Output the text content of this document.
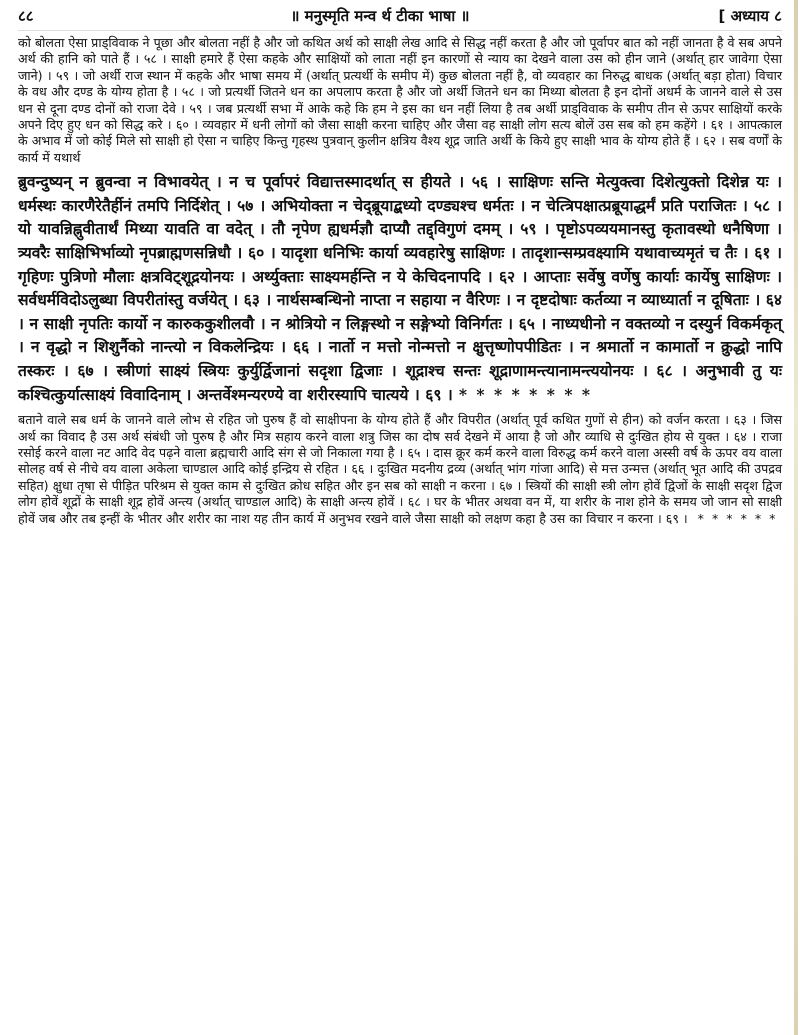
८८	॥ मनुस्मृति मन्व र्थ टीका भाषा ॥	[ अध्याय ८

को बोलता ऐसा प्राड्विवाक ने पूछा और बोलता नहीं है और जो कथित अर्थ को साक्षी लेख आदि से सिद्ध नहीं करता है और जो पूर्वापर बात को नहीं जानता है वे सब अपने अर्थ की हानि को पाते हैं । ५८ । साक्षी हमारे हैं ऐसा कहके और साक्षियों को लाता नहीं इन कारणों से न्याय का देखने वाला उस को हीन जाने (अर्थात् हार जावेगा ऐसा जाने) । ५९ । जो अर्थी राज स्थान में कहके और भाषा समय में (अर्थात् प्रत्यर्थी के समीप में) कुछ बोलता नहीं है, वो व्यवहार का निरुद्ध बाधक (अर्थात् बड़ा होता) विचार के वध और दण्ड के योग्य होता है । ५८ । जो प्रत्यर्थी जितने धन का अपलाप करता है और जो अर्थी जितने धन का मिथ्या बोलता है इन दोनों अधर्म के जानने वाले से उस धन से दूना दण्ड दोनों को राजा देवे । ५९ । जब प्रत्यर्थी सभा में आके कहे कि हम ने इस का धन नहीं लिया है तब अर्थी प्राड्विवाक के समीप तीन से ऊपर साक्षियों करके अपने दिए हुए धन को सिद्ध करे । ६० । व्यवहार में धनी लोगों को जैसा साक्षी करना चाहिए और जैसा वह साक्षी लोग सत्य बोलें उस सब को हम कहेंगे । ६१ । आपत्काल के अभाव में जो कोई मिले सो साक्षी हो ऐसा न चाहिए किन्तु गृहस्थ पुत्रवान् कुलीन क्षत्रिय वैश्य शूद्र जाति अर्थी के किये हुए साक्षी भाव के योग्य होते हैं । ६२ । सब वर्णों के कार्य में यथार्थ

ब्रुवन्दुष्यन् न ब्रुवन्वा न विभावयेत् । न च पूर्वापरं विद्यात्तस्मादर्थात् स हीयते । ५६ । साक्षिणः सन्ति मेत्युक्त्वा दिशेत्युक्तो दिशेन्न यः । धर्मस्थः कारणैरेतैर्हीनं तमपि निर्दिशेत् । ५७ । अभियोक्ता न चेद्ब्रूयाद्बध्यो दण्ड्यश्च धर्मतः । न चेत्त्रिपक्षात्प्रब्रूयाद्धर्मं प्रति पराजितः । ५८ । यो यावन्निह्नुवीतार्थं मिथ्या यावति वा वदेत् । तौ नृपेण ह्यधर्मज्ञौ दाप्यौ तद्द्विगुणं दमम् । ५९ । पृष्टोऽपव्ययमानस्तु कृतावस्थो धनैषिणा । त्र्यवरैः साक्षिभिर्भाव्यो नृपब्राह्मणसन्निधौ । ६० । यादृशा धनिभिः कार्या व्यवहारेषु साक्षिणः । तादृशान्सम्प्रवक्ष्यामि यथावाच्यमृतं च तैः । ६१ । गृहिणः पुत्रिणो मौलाः क्षत्रविट्शूद्रयोनयः । अर्थ्युक्ताः साक्ष्यमर्हन्ति न ये केचिदनापदि । ६२ । आप्ताः सर्वेषु वर्णेषु कार्याः कार्येषु साक्षिणः । सर्वधर्मविदोऽलुब्धा विपरीतांस्तु वर्जयेत् । ६३ । नार्थसम्बन्धिनो नाप्ता न सहाया न वैरिणः । न दृष्टदोषाः कर्तव्या न व्याध्यार्ता न दूषिताः । ६४ । न साक्षी नृपतिः कार्यो न कारुककुशीलवौ । न श्रोत्रियो न लिङ्गस्थो न सङ्गेभ्यो विनिर्गतः । ६५ । नाध्यधीनो न वक्तव्यो न दस्युर्न विकर्मकृत् । न वृद्धो न शिशुर्नैको नान्त्यो न विकलेन्द्रियः । ६६ । नार्तो न मत्तो नोन्मत्तो न क्षुत्तृष्णोपपीडितः । न श्रमार्तो न कामार्तो न क्रुद्धो नापि तस्करः । ६७ । स्त्रीणां साक्ष्यं स्त्रियः कुर्युर्द्विजानां सदृशा द्विजाः । शूद्राश्च सन्तः शूद्राणामन्त्यानामन्त्ययोनयः । ६८ । अनुभावी तु यः कश्चित्कुर्यात्साक्ष्यं विवादिनाम् । अन्तर्वेश्मन्यरण्ये वा शरीरस्यापि चात्यये । ६९ । * * * * * * * *

बताने वाले सब धर्म के जानने वाले लोभ से रहित जो पुरुष हैं वो साक्षीपना के योग्य होते हैं और विपरीत (अर्थात् पूर्व कथित गुणों से हीन) को वर्जन करता । ६३ । जिस अर्थ का विवाद है उस अर्थ संबंधी जो पुरुष है और मित्र सहाय करने वाला शत्रु जिस का दोष सर्व देखने में आया है जो और व्याधि से दुःखित होय से युक्त । ६४ । राजा रसोई करने वाला नट आदि वेद पढ़ने वाला ब्रह्मचारी आदि संग से जो निकाला गया है । ६५ । दास क्रूर कर्म करने वाला विरुद्ध कर्म करने वाला अस्सी वर्ष के ऊपर वय वाला सोलह वर्ष से नीचे वय वाला अकेला चाण्डाल आदि कोई इन्द्रिय से रहित । ६६ । दुःखित मदनीय द्रव्य (अर्थात् भांग गांजा आदि) से मत्त उन्मत्त (अर्थात् भूत आदि की उपद्रव सहित) क्षुधा तृषा से पीड़ित परिश्रम से युक्त काम से दुःखित क्रोध सहित और इन सब को साक्षी न करना । ६७ । स्त्रियों की साक्षी स्त्री लोग होवें द्विजों के साक्षी सदृश द्विज लोग होवें शूद्रों के साक्षी शूद्र होवें अन्त्य (अर्थात् चाण्डाल आदि) के साक्षी अन्त्य होवें । ६८ । घर के भीतर अथवा वन में, या शरीर के नाश होने के समय जो जान सो साक्षी होवें जब और तब इन्हीं के भीतर और शरीर का नाश यह तीन कार्य में अनुभव रखने वाले जैसा साक्षी को लक्षण कहा है उस का विचार न करना । ६९ । * * * * * *
